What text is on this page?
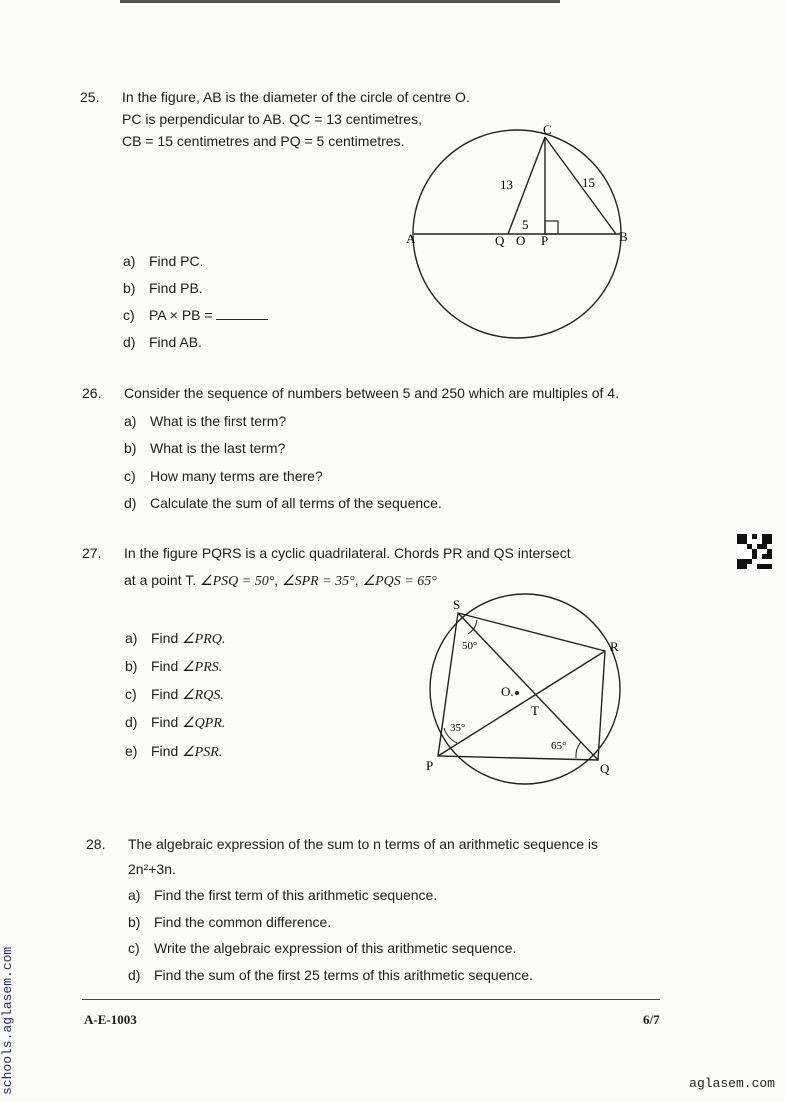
25. In the figure, AB is the diameter of the circle of centre O.
PC is perpendicular to AB. QC = 13 centimetres,
CB = 15 centimetres and PQ = 5 centimetres.
a) Find PC.
b) Find PB.
c) PA × PB =
d) Find AB.
C
A	B
Q O P
13	15
5
26. Consider the sequence of numbers between 5 and 250 which are multiples of 4.
a) What is the first term?
b) What is the last term?
c) How many terms are there?
d) Calculate the sum of all terms of the sequence.
27. In the figure PQRS is a cyclic quadrilateral. Chords PR and QS intersect
at a point T. ∠PSQ = 50°, ∠SPR = 35°, ∠PQS = 65°
a) Find ∠PRQ.
b) Find ∠PRS.
c) Find ∠RQS.
d) Find ∠QPR.
e) Find ∠PSR.
S
R
P	Q
O.
T
50°
35°
65°
28. The algebraic expression of the sum to n terms of an arithmetic sequence is
2n²+3n.
a) Find the first term of this arithmetic sequence.
b) Find the common difference.
c) Write the algebraic expression of this arithmetic sequence.
d) Find the sum of the first 25 terms of this arithmetic sequence.
A-E-1003	6/7
schools.aglasem.com	aglasem.com
